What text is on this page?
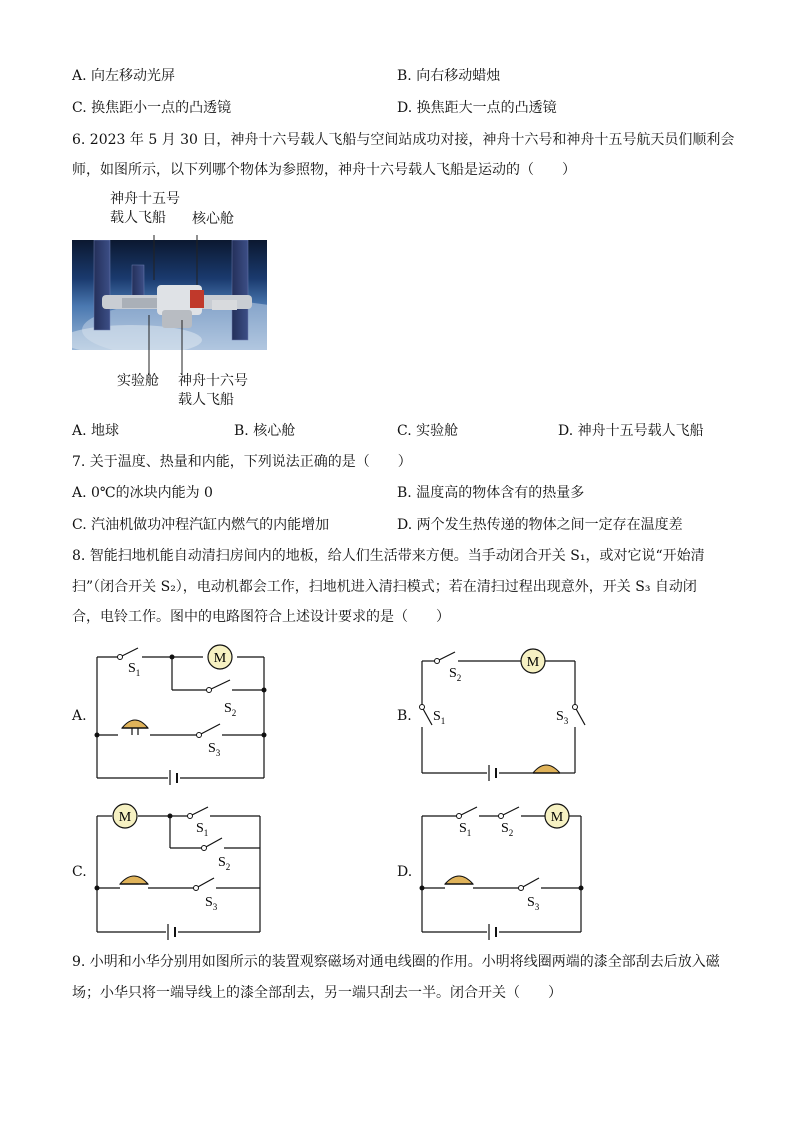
A. 向左移动光屏	B. 向右移动蜡烛
C. 换焦距小一点的凸透镜	D. 换焦距大一点的凸透镜
6. 2023 年 5 月 30 日，神舟十六号载人飞船与空间站成功对接，神舟十六号和神舟十五号航天员们顺利会
师，如图所示，以下列哪个物体为参照物，神舟十六号载人飞船是运动的（　　）
神舟十五号
载人飞船	核心舱
实验舱 神舟十六号
载人飞船
A. 地球	B. 核心舱	C. 实验舱	D. 神舟十五号载人飞船
7. 关于温度、热量和内能，下列说法正确的是（　　）
A. 0℃的冰块内能为 0	B. 温度高的物体含有的热量多
C. 汽油机做功冲程汽缸内燃气的内能增加	D. 两个发生热传递的物体之间一定存在温度差
8. 智能扫地机能自动清扫房间内的地板，给人们生活带来方便。当手动闭合开关 S₁，或对它说“开始清
扫”（闭合开关 S₂），电动机都会工作，扫地机进入清扫模式；若在清扫过程出现意外，开关 S₃ 自动闭
合，电铃工作。图中的电路图符合上述设计要求的是（　　）
A.	B.
C.	D.
M
$S_1$
$S_2$
$S_3$
M
$S_2$
$S_1$	$S_3$
M
$S_1$
$S_2$
$S_3$
M
$S_1$ $S_2$
$S_3$
9. 小明和小华分别用如图所示的装置观察磁场对通电线圈的作用。小明将线圈两端的漆全部刮去后放入磁
场；小华只将一端导线上的漆全部刮去，另一端只刮去一半。闭合开关（　　）
